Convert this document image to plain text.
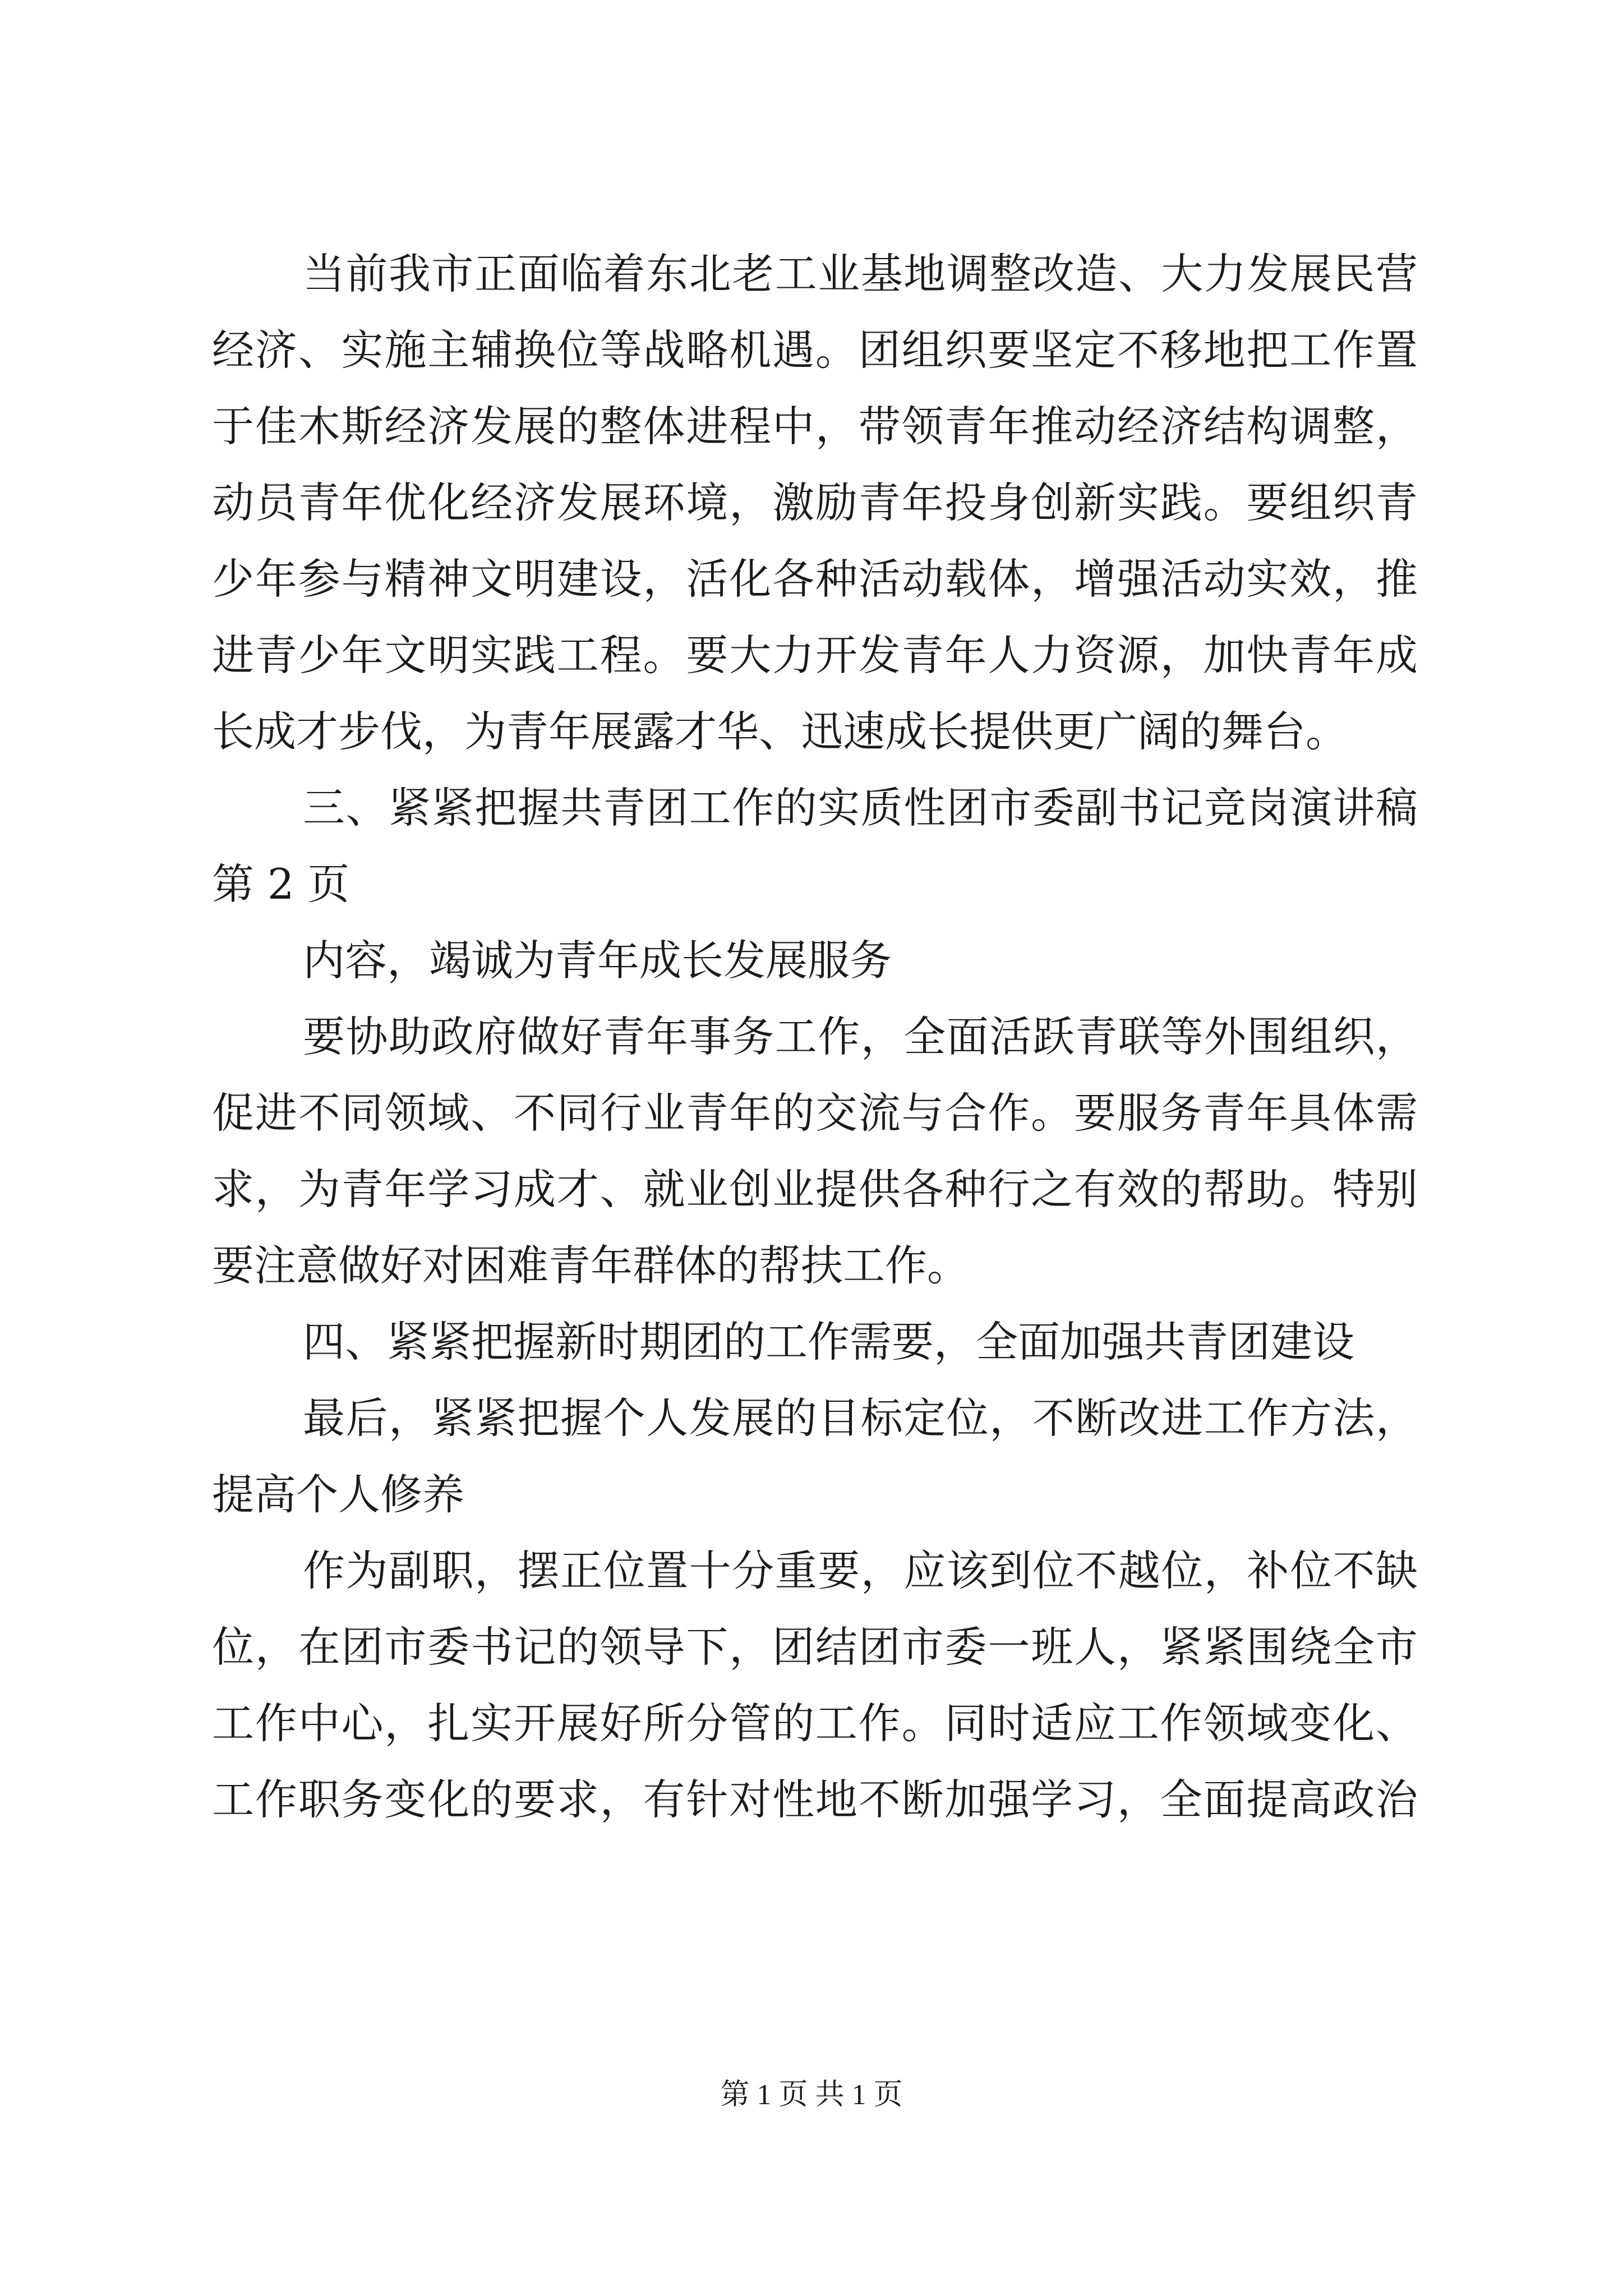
当前我市正面临着东北老工业基地调整改造、大力发展民营
经济、实施主辅换位等战略机遇。团组织要坚定不移地把工作置
于佳木斯经济发展的整体进程中，带领青年推动经济结构调整，
动员青年优化经济发展环境，激励青年投身创新实践。要组织青
少年参与精神文明建设，活化各种活动载体，增强活动实效，推
进青少年文明实践工程。要大力开发青年人力资源，加快青年成
长成才步伐，为青年展露才华、迅速成长提供更广阔的舞台。
三、紧紧把握共青团工作的实质性团市委副书记竞岗演讲稿
第 2 页
内容，竭诚为青年成长发展服务
要协助政府做好青年事务工作，全面活跃青联等外围组织，
促进不同领域、不同行业青年的交流与合作。要服务青年具体需
求，为青年学习成才、就业创业提供各种行之有效的帮助。特别
要注意做好对困难青年群体的帮扶工作。
四、紧紧把握新时期团的工作需要，全面加强共青团建设
最后，紧紧把握个人发展的目标定位，不断改进工作方法，
提高个人修养
作为副职，摆正位置十分重要，应该到位不越位，补位不缺
位，在团市委书记的领导下，团结团市委一班人，紧紧围绕全市
工作中心，扎实开展好所分管的工作。同时适应工作领域变化、
工作职务变化的要求，有针对性地不断加强学习，全面提高政治
第 1 页 共 1 页
